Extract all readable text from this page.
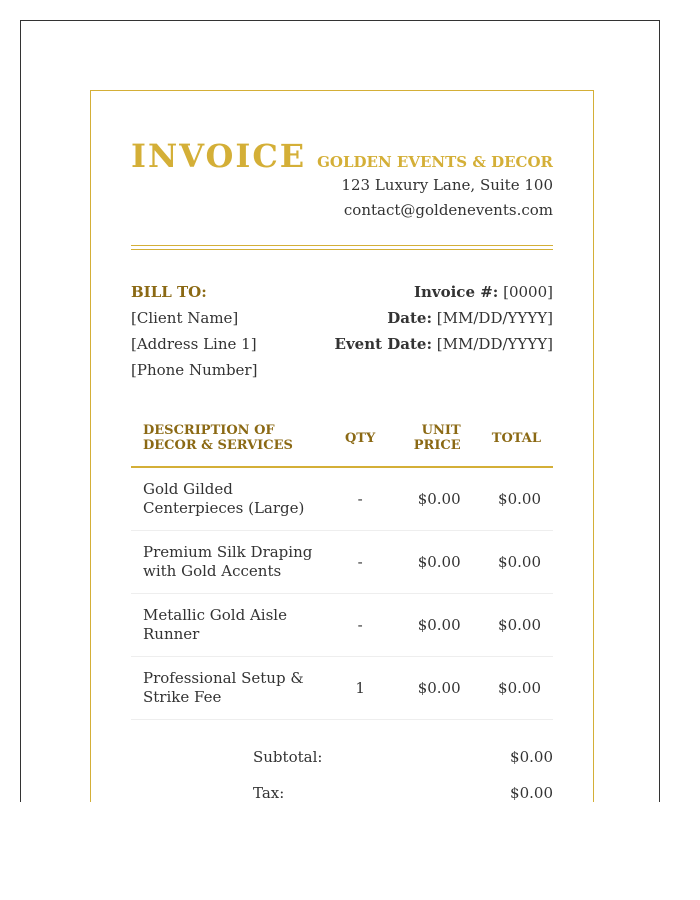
INVOICE GOLDEN EVENTS & DECOR
123 Luxury Lane, Suite 100
contact@goldenevents.com
BILL TO:
[Client Name]
[Address Line 1]
[Phone Number]
Invoice #: [0000]
Date: [MM/DD/YYYY]
Event Date: [MM/DD/YYYY]
DESCRIPTION OF DECOR & SERVICES	QTY	UNIT PRICE	TOTAL
Gold Gilded Centerpieces (Large)	-	$0.00	$0.00
Premium Silk Draping with Gold Accents	-	$0.00	$0.00
Metallic Gold Aisle Runner	-	$0.00	$0.00
Professional Setup & Strike Fee	1	$0.00	$0.00
Subtotal:	$0.00
Tax:	$0.00
